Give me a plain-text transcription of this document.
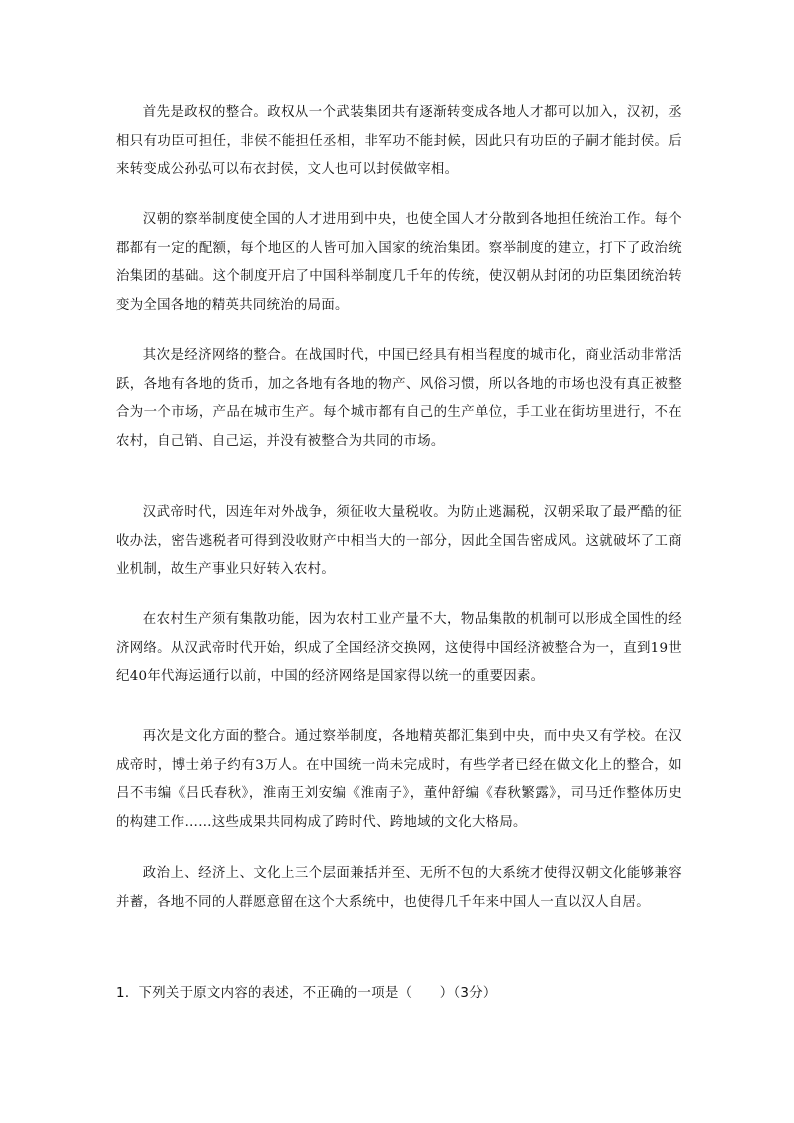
首先是政权的整合。政权从一个武装集团共有逐渐转变成各地人才都可以加入，汉初，丞相只有功臣可担任，非侯不能担任丞相，非军功不能封候，因此只有功臣的子嗣才能封侯。后来转变成公孙弘可以布衣封侯，文人也可以封侯做宰相。

汉朝的察举制度使全国的人才进用到中央，也使全国人才分散到各地担任统治工作。每个郡都有一定的配额，每个地区的人皆可加入国家的统治集团。察举制度的建立，打下了政治统治集团的基础。这个制度开启了中国科举制度几千年的传统，使汉朝从封闭的功臣集团统治转变为全国各地的精英共同统治的局面。

其次是经济网络的整合。在战国时代，中国已经具有相当程度的城市化，商业活动非常活跃，各地有各地的货币，加之各地有各地的物产、风俗习惯，所以各地的市场也没有真正被整合为一个市场，产品在城市生产。每个城市都有自己的生产单位，手工业在街坊里进行，不在农村，自己销、自己运，并没有被整合为共同的市场。

汉武帝时代，因连年对外战争，须征收大量税收。为防止逃漏税，汉朝采取了最严酷的征收办法，密告逃税者可得到没收财产中相当大的一部分，因此全国告密成风。这就破坏了工商业机制，故生产事业只好转入农村。

在农村生产须有集散功能，因为农村工业产量不大，物品集散的机制可以形成全国性的经济网络。从汉武帝时代开始，织成了全国经济交换网，这使得中国经济被整合为一，直到19世纪40年代海运通行以前，中国的经济网络是国家得以统一的重要因素。

再次是文化方面的整合。通过察举制度，各地精英都汇集到中央，而中央又有学校。在汉成帝时，博士弟子约有3万人。在中国统一尚未完成时，有些学者已经在做文化上的整合，如吕不韦编《吕氏春秋》，淮南王刘安编《淮南子》，董仲舒编《春秋繁露》，司马迁作整体历史的构建工作……这些成果共同构成了跨时代、跨地域的文化大格局。

政治上、经济上、文化上三个层面兼括并至、无所不包的大系统才使得汉朝文化能够兼容并蓄，各地不同的人群愿意留在这个大系统中，也使得几千年来中国人一直以汉人自居。

1．下列关于原文内容的表述，不正确的一项是（　　）（3分）
